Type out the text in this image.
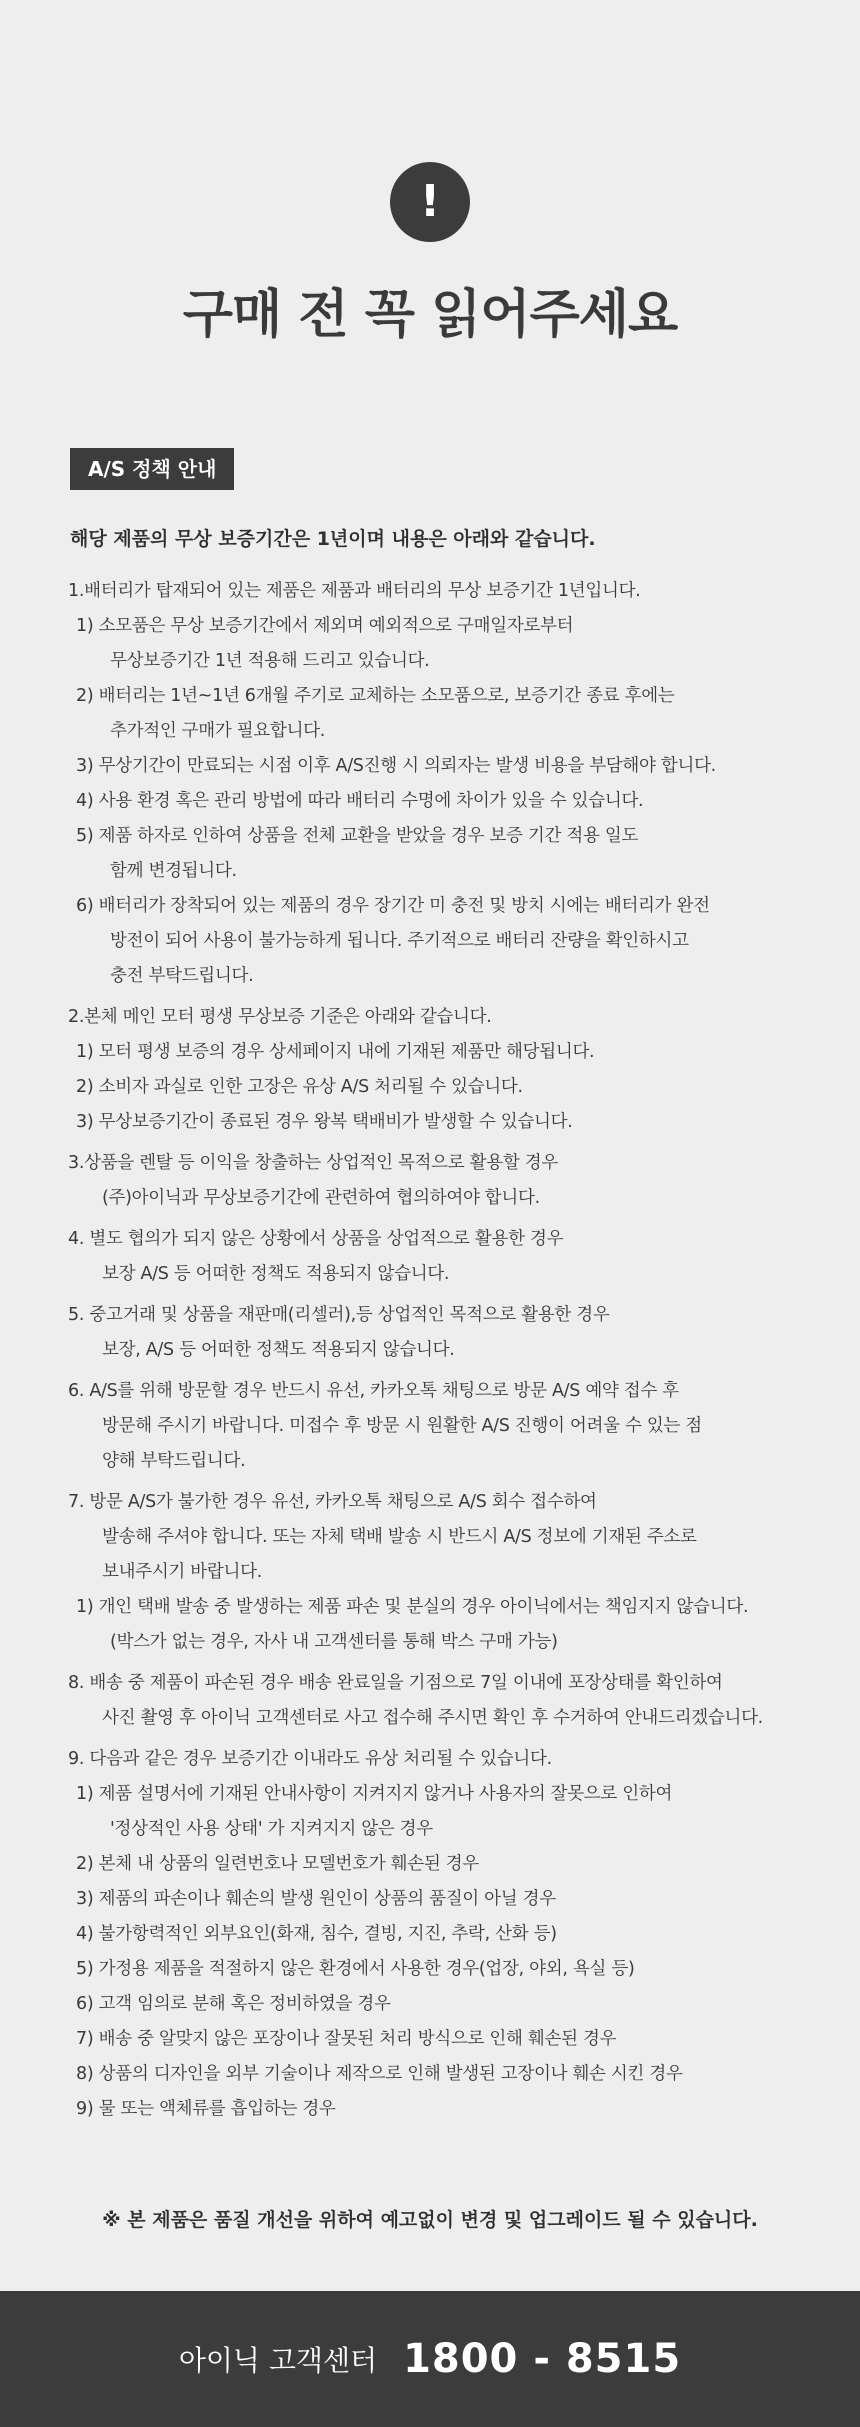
!
구매 전 꼭 읽어주세요
A/S 정책 안내
해당 제품의 무상 보증기간은 1년이며 내용은 아래와 같습니다.
1.배터리가 탑재되어 있는 제품은 제품과 배터리의 무상 보증기간 1년입니다.
1) 소모품은 무상 보증기간에서 제외며 예외적으로 구매일자로부터
무상보증기간 1년 적용해 드리고 있습니다.
2) 배터리는 1년~1년 6개월 주기로 교체하는 소모품으로, 보증기간 종료 후에는
추가적인 구매가 필요합니다.
3) 무상기간이 만료되는 시점 이후 A/S진행 시 의뢰자는 발생 비용을 부담해야 합니다.
4) 사용 환경 혹은 관리 방법에 따라 배터리 수명에 차이가 있을 수 있습니다.
5) 제품 하자로 인하여 상품을 전체 교환을 받았을 경우 보증 기간 적용 일도
함께 변경됩니다.
6) 배터리가 장착되어 있는 제품의 경우 장기간 미 충전 및 방치 시에는 배터리가 완전
방전이 되어 사용이 불가능하게 됩니다. 주기적으로 배터리 잔량을 확인하시고
충전 부탁드립니다.
2.본체 메인 모터 평생 무상보증 기준은 아래와 같습니다.
1) 모터 평생 보증의 경우 상세페이지 내에 기재된 제품만 해당됩니다.
2) 소비자 과실로 인한 고장은 유상 A/S 처리될 수 있습니다.
3) 무상보증기간이 종료된 경우 왕복 택배비가 발생할 수 있습니다.
3.상품을 렌탈 등 이익을 창출하는 상업적인 목적으로 활용할 경우
(주)아이닉과 무상보증기간에 관련하여 협의하여야 합니다.
4. 별도 협의가 되지 않은 상황에서 상품을 상업적으로 활용한 경우
보장 A/S 등 어떠한 정책도 적용되지 않습니다.
5. 중고거래 및 상품을 재판매(리셀러),등 상업적인 목적으로 활용한 경우
보장, A/S 등 어떠한 정책도 적용되지 않습니다.
6. A/S를 위해 방문할 경우 반드시 유선, 카카오톡 채팅으로 방문 A/S 예약 접수 후
방문해 주시기 바랍니다. 미접수 후 방문 시 원활한 A/S 진행이 어려울 수 있는 점
양해 부탁드립니다.
7. 방문 A/S가 불가한 경우 유선, 카카오톡 채팅으로 A/S 회수 접수하여
발송해 주셔야 합니다. 또는 자체 택배 발송 시 반드시 A/S 정보에 기재된 주소로
보내주시기 바랍니다.
1) 개인 택배 발송 중 발생하는 제품 파손 및 분실의 경우 아이닉에서는 책임지지 않습니다.
(박스가 없는 경우, 자사 내 고객센터를 통해 박스 구매 가능)
8. 배송 중 제품이 파손된 경우 배송 완료일을 기점으로 7일 이내에 포장상태를 확인하여
사진 촬영 후 아이닉 고객센터로 사고 접수해 주시면 확인 후 수거하여 안내드리겠습니다.
9. 다음과 같은 경우 보증기간 이내라도 유상 처리될 수 있습니다.
1) 제품 설명서에 기재된 안내사항이 지켜지지 않거나 사용자의 잘못으로 인하여
'정상적인 사용 상태' 가 지켜지지 않은 경우
2) 본체 내 상품의 일련번호나 모델번호가 훼손된 경우
3) 제품의 파손이나 훼손의 발생 원인이 상품의 품질이 아닐 경우
4) 불가항력적인 외부요인(화재, 침수, 결빙, 지진, 추락, 산화 등)
5) 가정용 제품을 적절하지 않은 환경에서 사용한 경우(업장, 야외, 욕실 등)
6) 고객 임의로 분해 혹은 정비하였을 경우
7) 배송 중 알맞지 않은 포장이나 잘못된 처리 방식으로 인해 훼손된 경우
8) 상품의 디자인을 외부 기술이나 제작으로 인해 발생된 고장이나 훼손 시킨 경우
9) 물 또는 액체류를 흡입하는 경우
※ 본 제품은 품질 개선을 위하여 예고없이 변경 및 업그레이드 될 수 있습니다.
아이닉 고객센터 1800 - 8515
